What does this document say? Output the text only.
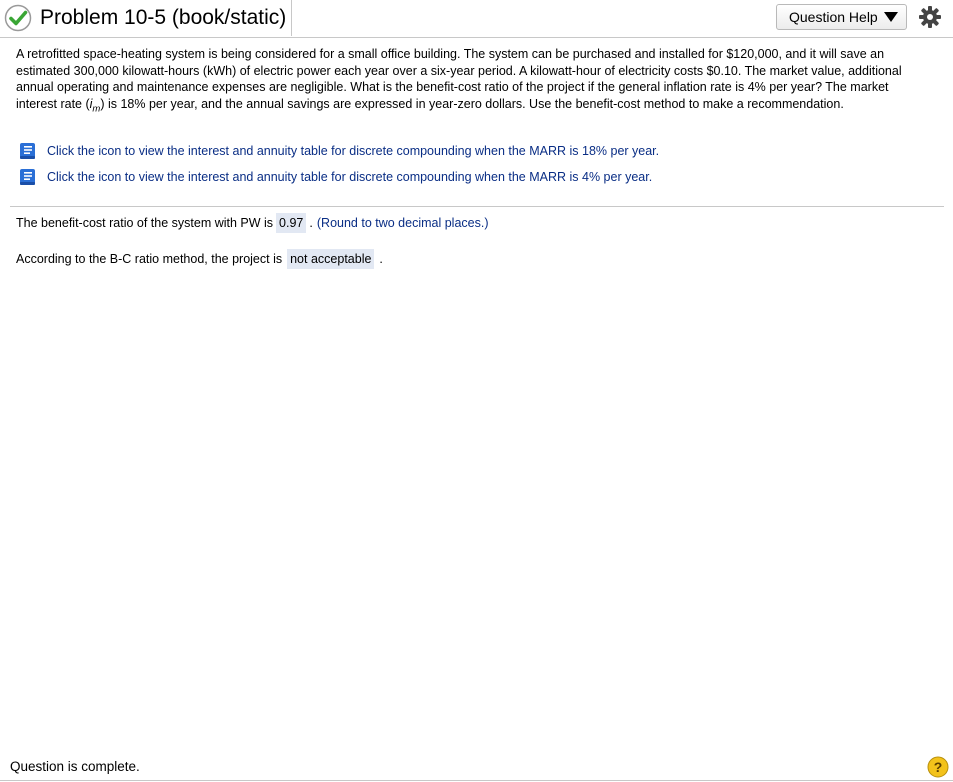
Problem 10-5 (book/static)	Question Help

A retrofitted space-heating system is being considered for a small office building. The system can be purchased and installed for $120,000, and it will save an estimated 300,000 kilowatt-hours (kWh) of electric power each year over a six-year period. A kilowatt-hour of electricity costs $0.10. The market value, additional annual operating and maintenance expenses are negligible. What is the benefit-cost ratio of the project if the general inflation rate is 4% per year? The market interest rate $(i_m)$ is 18% per year, and the annual savings are expressed in year-zero dollars. Use the benefit-cost method to make a recommendation.

Click the icon to view the interest and annuity table for discrete compounding when the MARR is 18% per year.
Click the icon to view the interest and annuity table for discrete compounding when the MARR is 4% per year.
The benefit-cost ratio of the system with PW is 0.97 . (Round to two decimal places.)
According to the B-C ratio method, the project is not acceptable .
Question is complete.	?
